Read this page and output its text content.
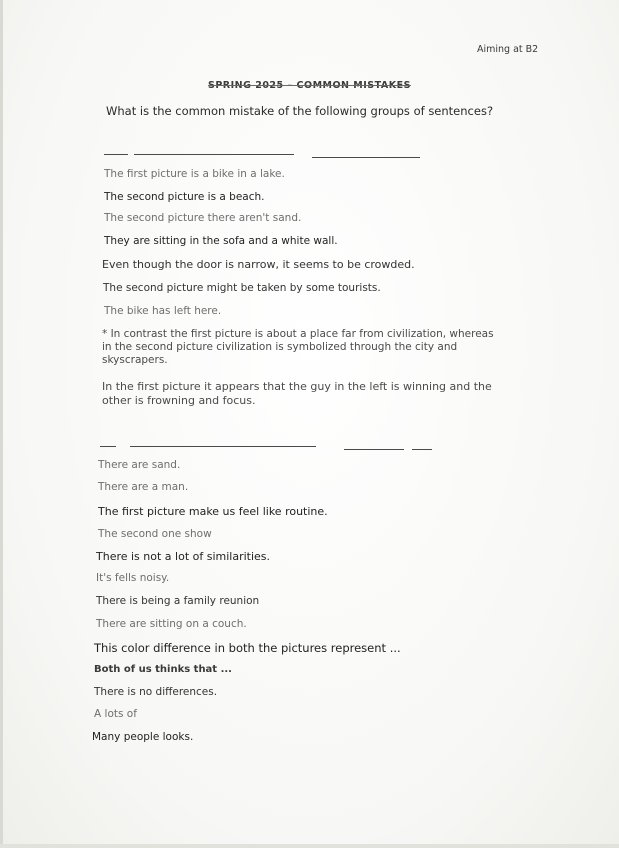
Aiming at B2
SPRING 2025 – COMMON MISTAKES
What is the common mistake of the following groups of sentences?
The first picture is a bike in a lake.
The second picture is a beach.
The second picture there aren't sand.
They are sitting in the sofa and a white wall.
Even though the door is narrow, it seems to be crowded.
The second picture might be taken by some tourists.
The bike has left here.
* In contrast the first picture is about a place far from civilization, whereas
in the second picture civilization is symbolized through the city and
skyscrapers.
In the first picture it appears that the guy in the left is winning and the
other is frowning and focus.
There are sand.
There are a man.
The first picture make us feel like routine.
The second one show
There is not a lot of similarities.
It's fells noisy.
There is being a family reunion
There are sitting on a couch.
This color difference in both the pictures represent ...
Both of us thinks that ...
There is no differences.
A lots of
Many people looks.
